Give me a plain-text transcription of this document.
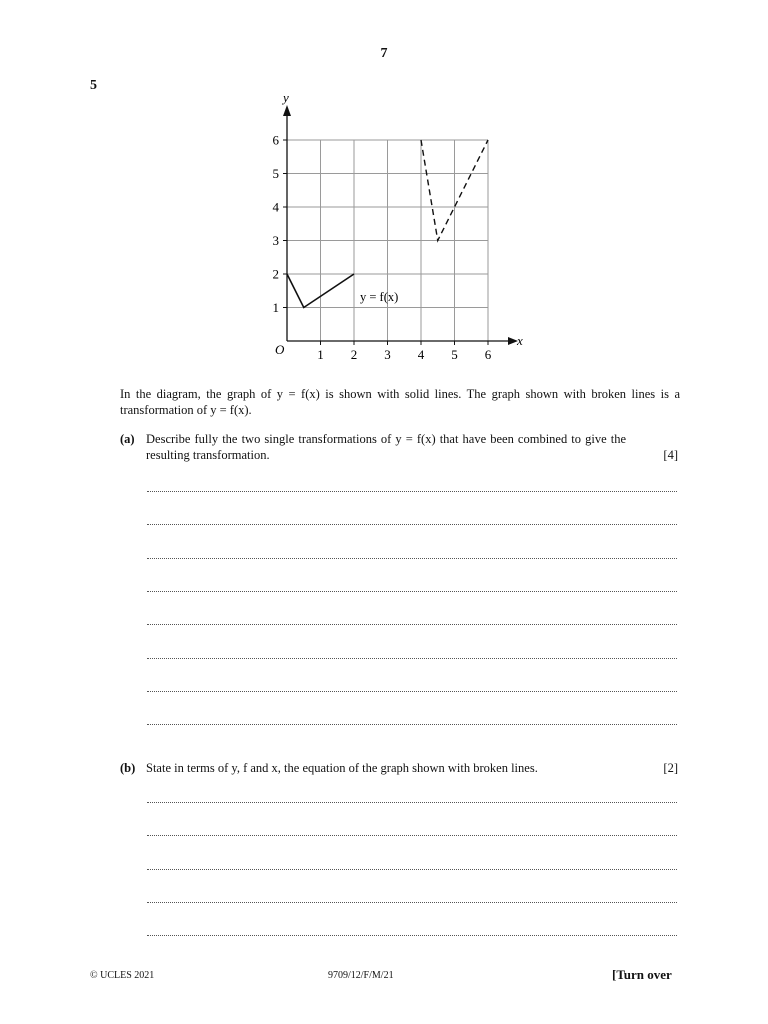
7
5
O
x
y
1 2 3 4 5 6
1
2
3
4
5
6
y = f(x)
In the diagram, the graph of y = f(x) is shown with solid lines. The graph shown with broken lines is a transformation of y = f(x).
(a) Describe fully the two single transformations of y = f(x) that have been combined to give the resulting transformation.	[4]
(b) State in terms of y, f and x, the equation of the graph shown with broken lines.	[2]
© UCLES 2021	9709/12/F/M/21	[Turn over
